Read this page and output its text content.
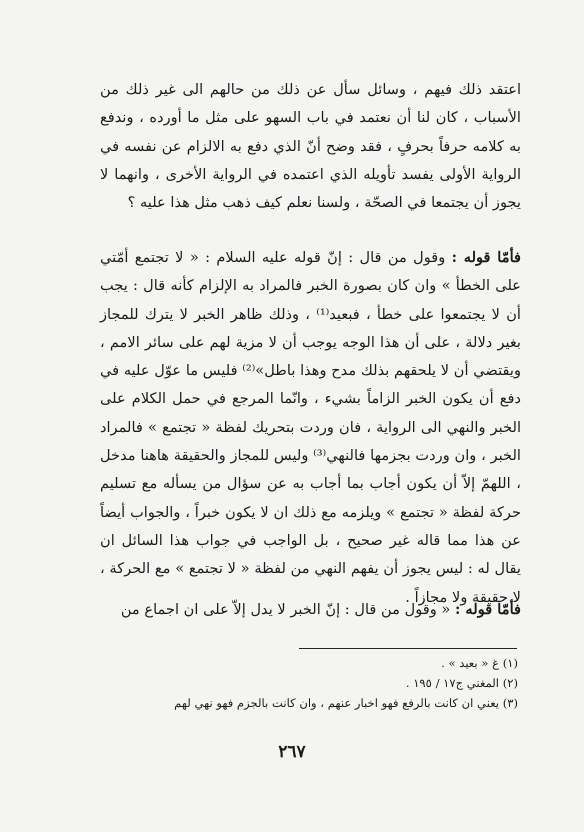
اعتقد ذلك فيهم ، وسائل سأل عن ذلك من حالهم الى غير ذلك من الأسباب ، كان لنا أن نعتمد في باب السهو على مثل ما أورده ، وندفع به كلامه حرفاً بحرفٍ ، فقد وضح أنّ الذي دفع به الالزام عن نفسه في الرواية الأولى يفسد تأويله الذي اعتمده في الرواية الأخرى ، وانهما لا يجوز أن يجتمعا في الصحّة ، ولسنا نعلم كيف ذهب مثل هذا عليه ؟

فأمّا قوله : وقول من قال : إنّ قوله عليه السلام : « لا تجتمع أمّتي على الخطأ » وان كان بصورة الخبر فالمراد به الإلزام كأنه قال : يجب أن لا يجتمعوا على خطأ ، فبعيد⁽¹⁾ ، وذلك ظاهر الخبر لا يترك للمجاز بغير دلالة ، على أن هذا الوجه يوجب أن لا مزية لهم على سائر الامم ، ويقتضي أن لا يلحقهم بذلك مدح وهذا باطل»⁽²⁾ فليس ما عوّل عليه في دفع أن يكون الخبر الزاماً بشيء ، وانّما المرجع في حمل الكلام على الخبر والنهي الى الرواية ، فان وردت بتحريك لفظة « تجتمع » فالمراد الخبر ، وان وردت بجزمها فالنهي⁽³⁾ وليس للمجاز والحقيقة هاهنا مدخل ، اللهمّ إلاّ أن يكون أجاب بما أجاب به عن سؤال من يسأله مع تسليم حركة لفظة « تجتمع » ويلزمه مع ذلك ان لا يكون خبراً ، والجواب أيضاً عن هذا مما قاله غير صحيح ، بل الواجب في جواب هذا السائل ان يقال له : ليس يجوز أن يفهم النهي من لفظة « لا تجتمع » مع الحركة ، لا حقيقة ولا مجازاً .

فأمّا قوله : « وقول من قال : إنّ الخبر لا يدل إلاّ على ان اجماع من

(١) غ « بعيد » .

(٢) المغني ج١٧ / ١٩٥ .

(٣) يعني ان كانت بالرفع فهو اخبار عنهم ، وان كانت بالجزم فهو نهي لهم

٢٦٧
